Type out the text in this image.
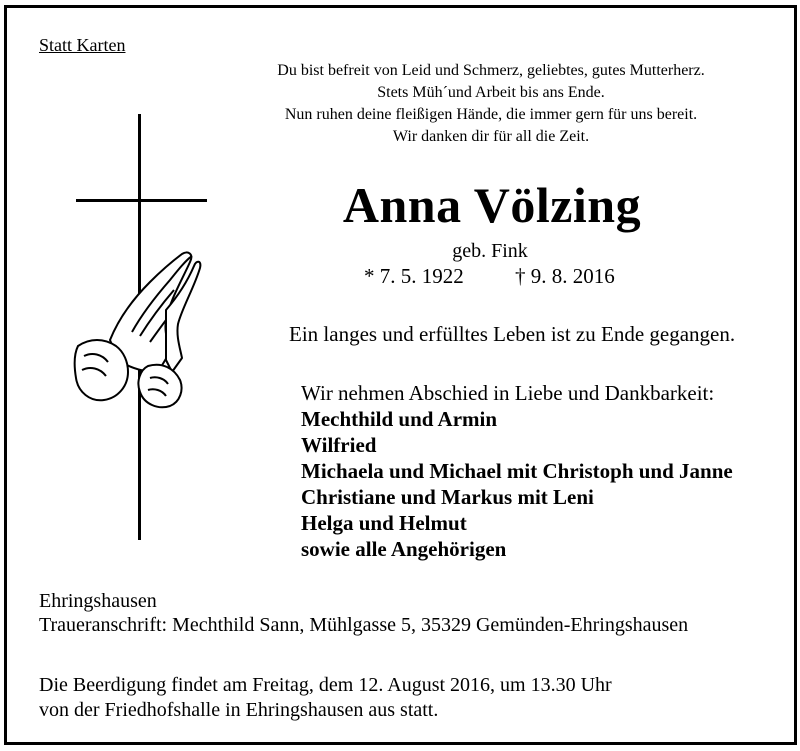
Statt Karten
Du bist befreit von Leid und Schmerz, geliebtes, gutes Mutterherz.
Stets Müh´und Arbeit bis ans Ende.
Nun ruhen deine fleißigen Hände, die immer gern für uns bereit.
Wir danken dir für all die Zeit.
Anna Völzing
geb. Fink
* 7. 5. 1922 † 9. 8. 2016
Ein langes und erfülltes Leben ist zu Ende gegangen.
Wir nehmen Abschied in Liebe und Dankbarkeit:
Mechthild und Armin
Wilfried
Michaela und Michael mit Christoph und Janne
Christiane und Markus mit Leni
Helga und Helmut
sowie alle Angehörigen
Ehringshausen
Traueranschrift: Mechthild Sann, Mühlgasse 5, 35329 Gemünden-Ehringshausen
Die Beerdigung findet am Freitag, dem 12. August 2016, um 13.30 Uhr
von der Friedhofshalle in Ehringshausen aus statt.
